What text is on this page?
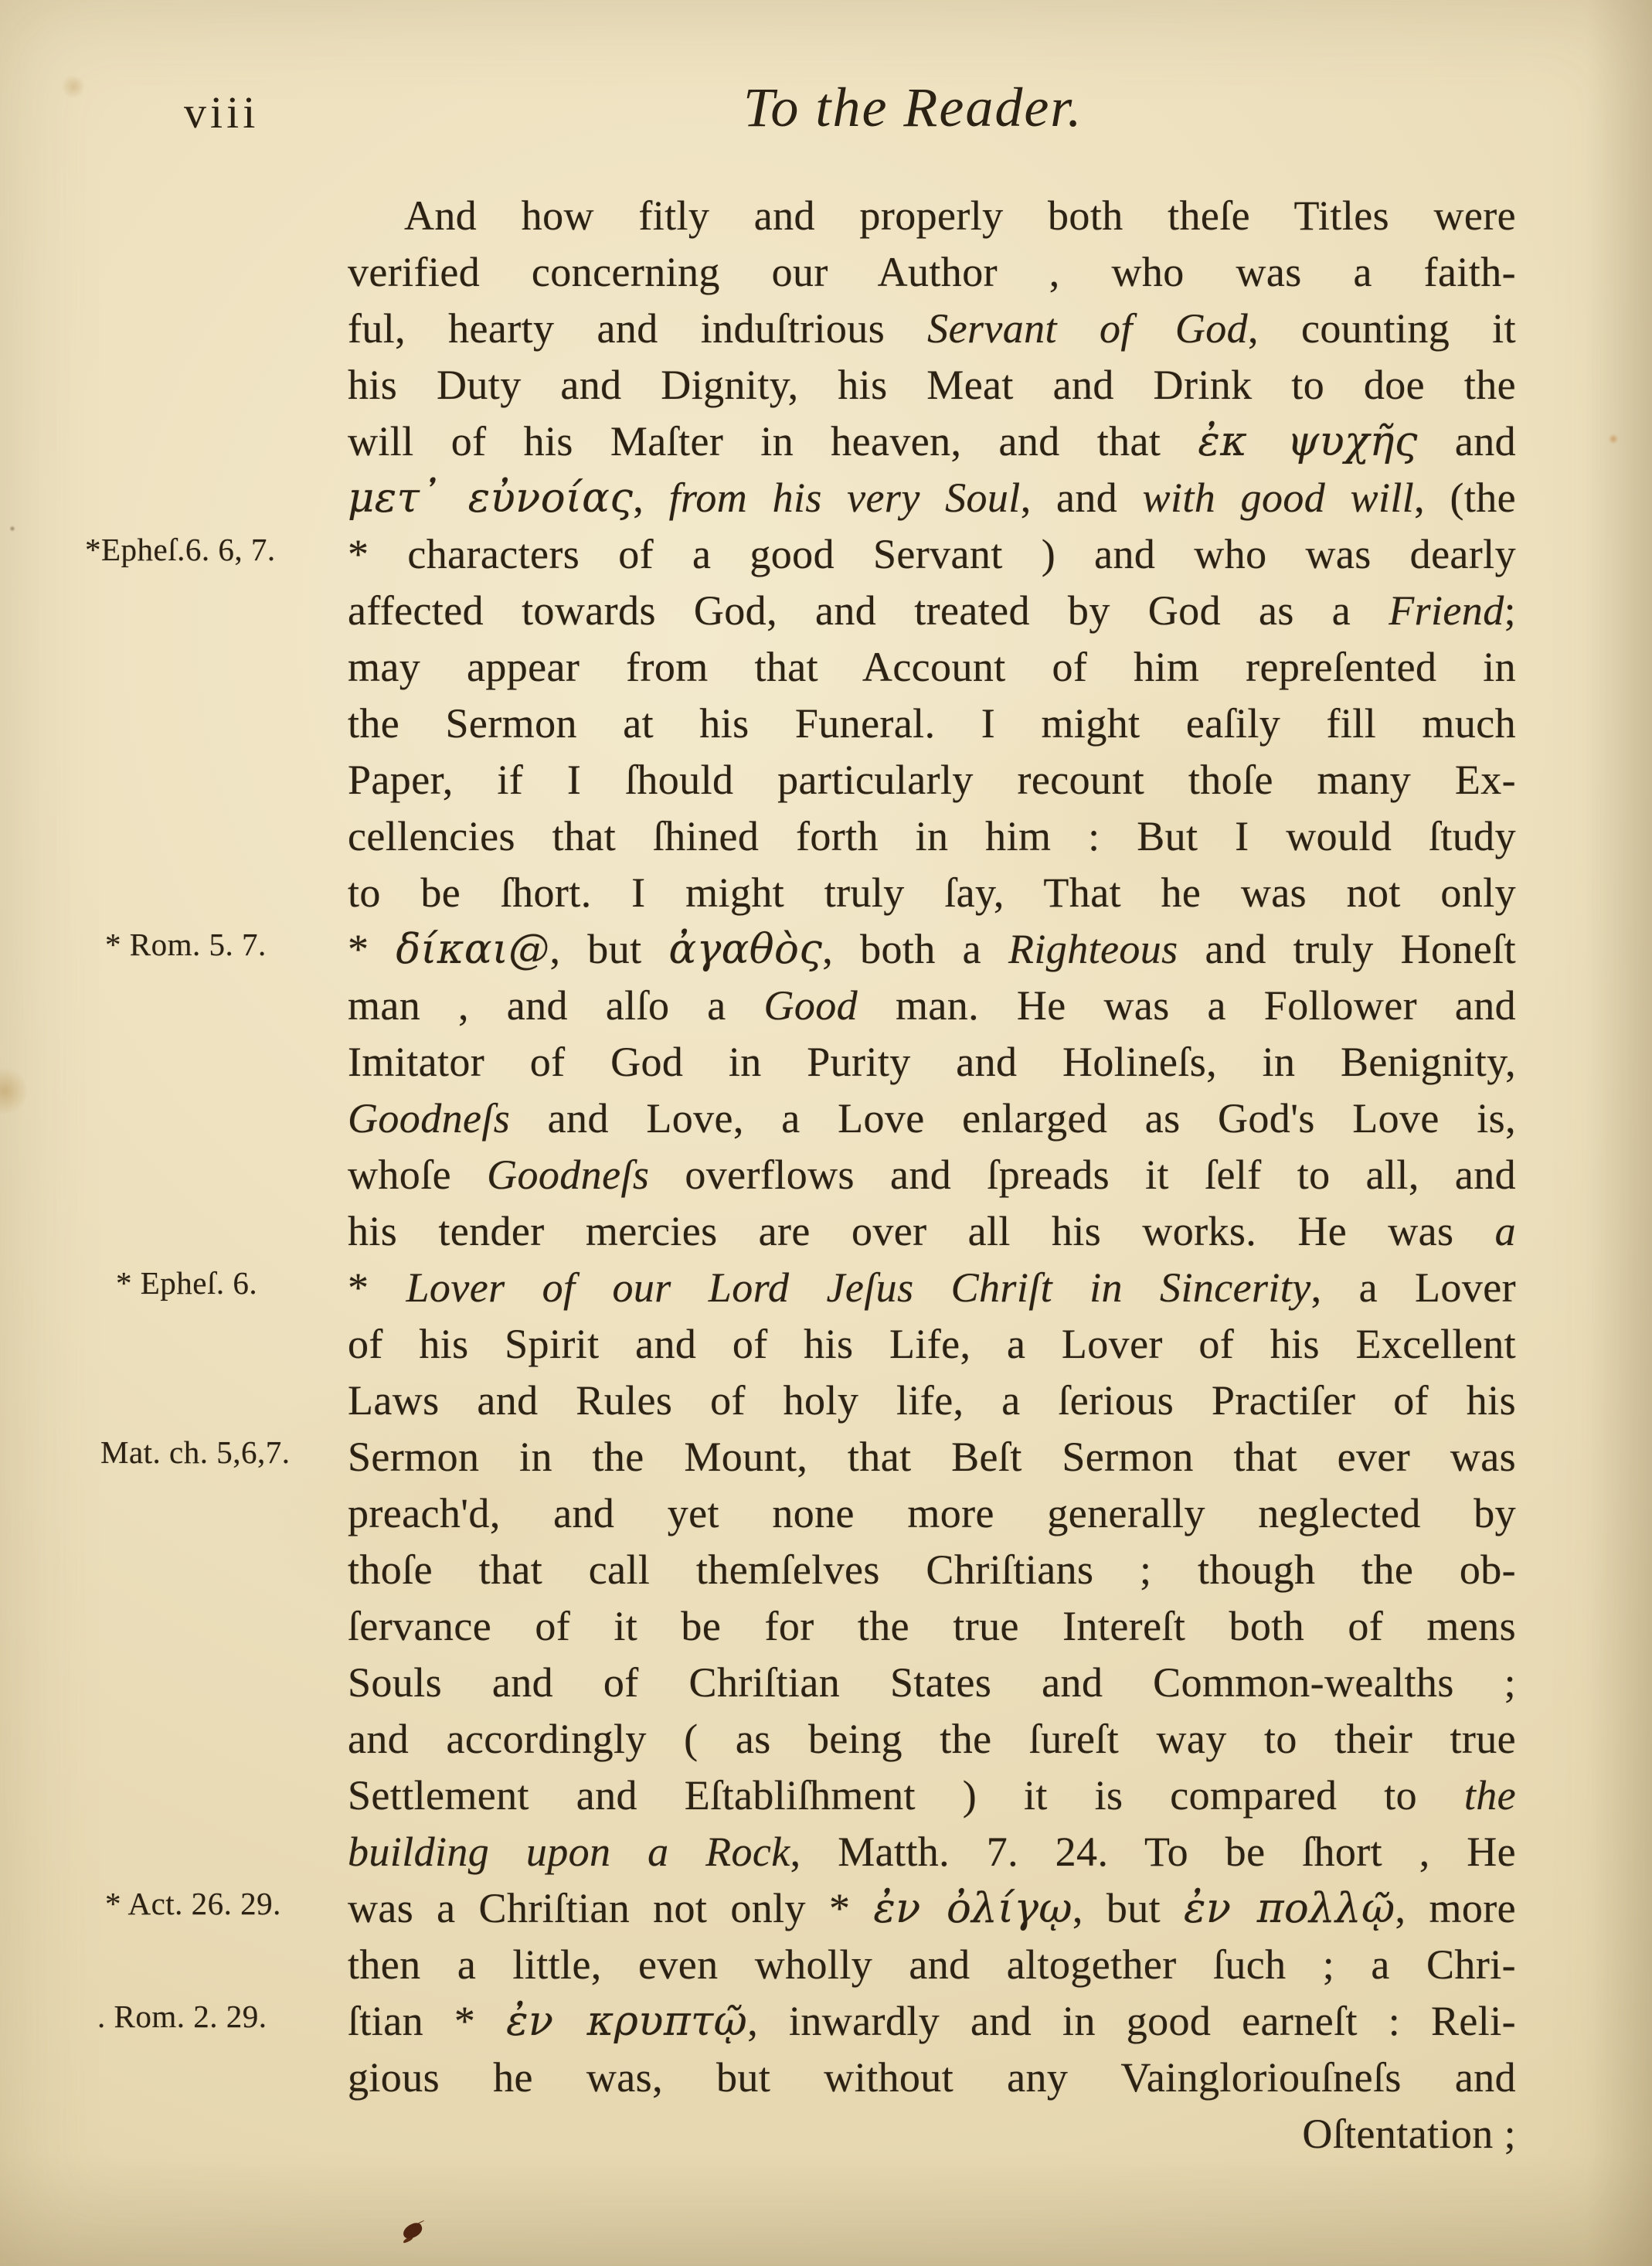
viii	To the Reader.
And how fitly and properly both theſe Titles were
verified concerning our Author , who was a faith-
ful, hearty and induſtrious Servant of God, counting it
his Duty and Dignity, his Meat and Drink to doe the
will of his Maſter in heaven, and that ἐκ ψυχῆς and
μετ᾽ εὐνοίας, from his very Soul, and with good will, (the
* characters of a good Servant ) and who was dearly
affected towards God, and treated by God as a Friend;
may appear from that Account of him repreſented in
the Sermon at his Funeral. I might eaſily fill much
Paper, if I ſhould particularly recount thoſe many Ex-
cellencies that ſhined forth in him : But I would ſtudy
to be ſhort. I might truly ſay, That he was not only
* δίκαι@, but ἀγαθὸς, both a Righteous and truly Honeſt
man , and alſo a Good man. He was a Follower and
Imitator of God in Purity and Holineſs, in Benignity,
Goodneſs and Love, a Love enlarged as God's Love is,
whoſe Goodneſs overflows and ſpreads it ſelf to all, and
his tender mercies are over all his works. He was a
* Lover of our Lord Jeſus Chriſt in Sincerity, a Lover
of his Spirit and of his Life, a Lover of his Excellent
Laws and Rules of holy life, a ſerious Practiſer of his
Sermon in the Mount, that Beſt Sermon that ever was
preach'd, and yet none more generally neglected by
thoſe that call themſelves Chriſtians ; though the ob-
ſervance of it be for the true Intereſt both of mens
Souls and of Chriſtian States and Common-wealths ;
and accordingly ( as being the ſureſt way to their true
Settlement and Eſtabliſhment ) it is compared to the
building upon a Rock, Matth. 7. 24. To be ſhort , He
was a Chriſtian not only * ἐν ὀλίγῳ, but ἐν πολλῷ, more
then a little, even wholly and altogether ſuch ; a Chri-
ſtian * ἐν κρυπτῷ, inwardly and in good earneſt : Reli-
gious he was, but without any Vaingloriouſneſs and
Oſtentation ;
*Epheſ.6. 6, 7.
* Rom. 5. 7.
* Epheſ. 6.
Mat. ch. 5,6,7.
* Act. 26. 29.
. Rom. 2. 29.
